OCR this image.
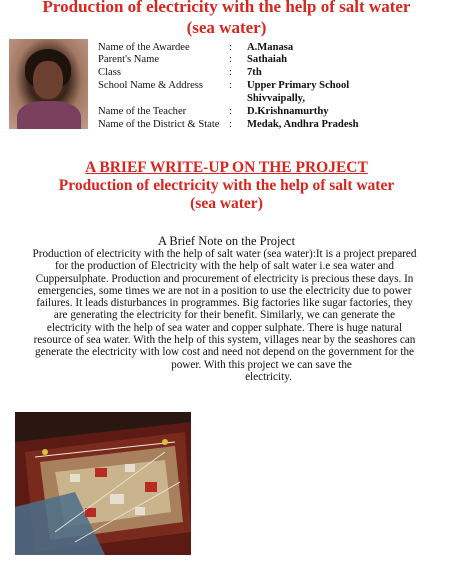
Production of electricity with the help of salt water
(sea water)
Name of the Awardee	: A.Manasa
Parent's Name	: Sathaiah
Class	: 7th
School Name & Address	: Upper Primary School
Shivvaipally,
Name of the Teacher	: D.Krishnamurthy
Name of the District & State : Medak, Andhra Pradesh
A BRIEF WRITE-UP ON THE PROJECT
Production of electricity with the help of salt water
(sea water)
A Brief Note on the Project
Production of electricity with the help of salt water (sea water):It is a project prepared
for the production of Electricity with the help of salt water i.e sea water and
Cuppersulphate. Production and procurement of electricity is precious these days. In
emergencies, some times we are not in a position to use the electricity due to power
failures. It leads disturbances in programmes. Big factories like sugar factories, they
are generating the electricity for their benefit. Similarly, we can generate the
electricity with the help of sea water and copper sulphate. There is huge natural
resource of sea water. With the help of this system, villages near by the seashores can
generate the electricity with low cost and need not depend on the government for the
power. With this project we can save the
electricity.
